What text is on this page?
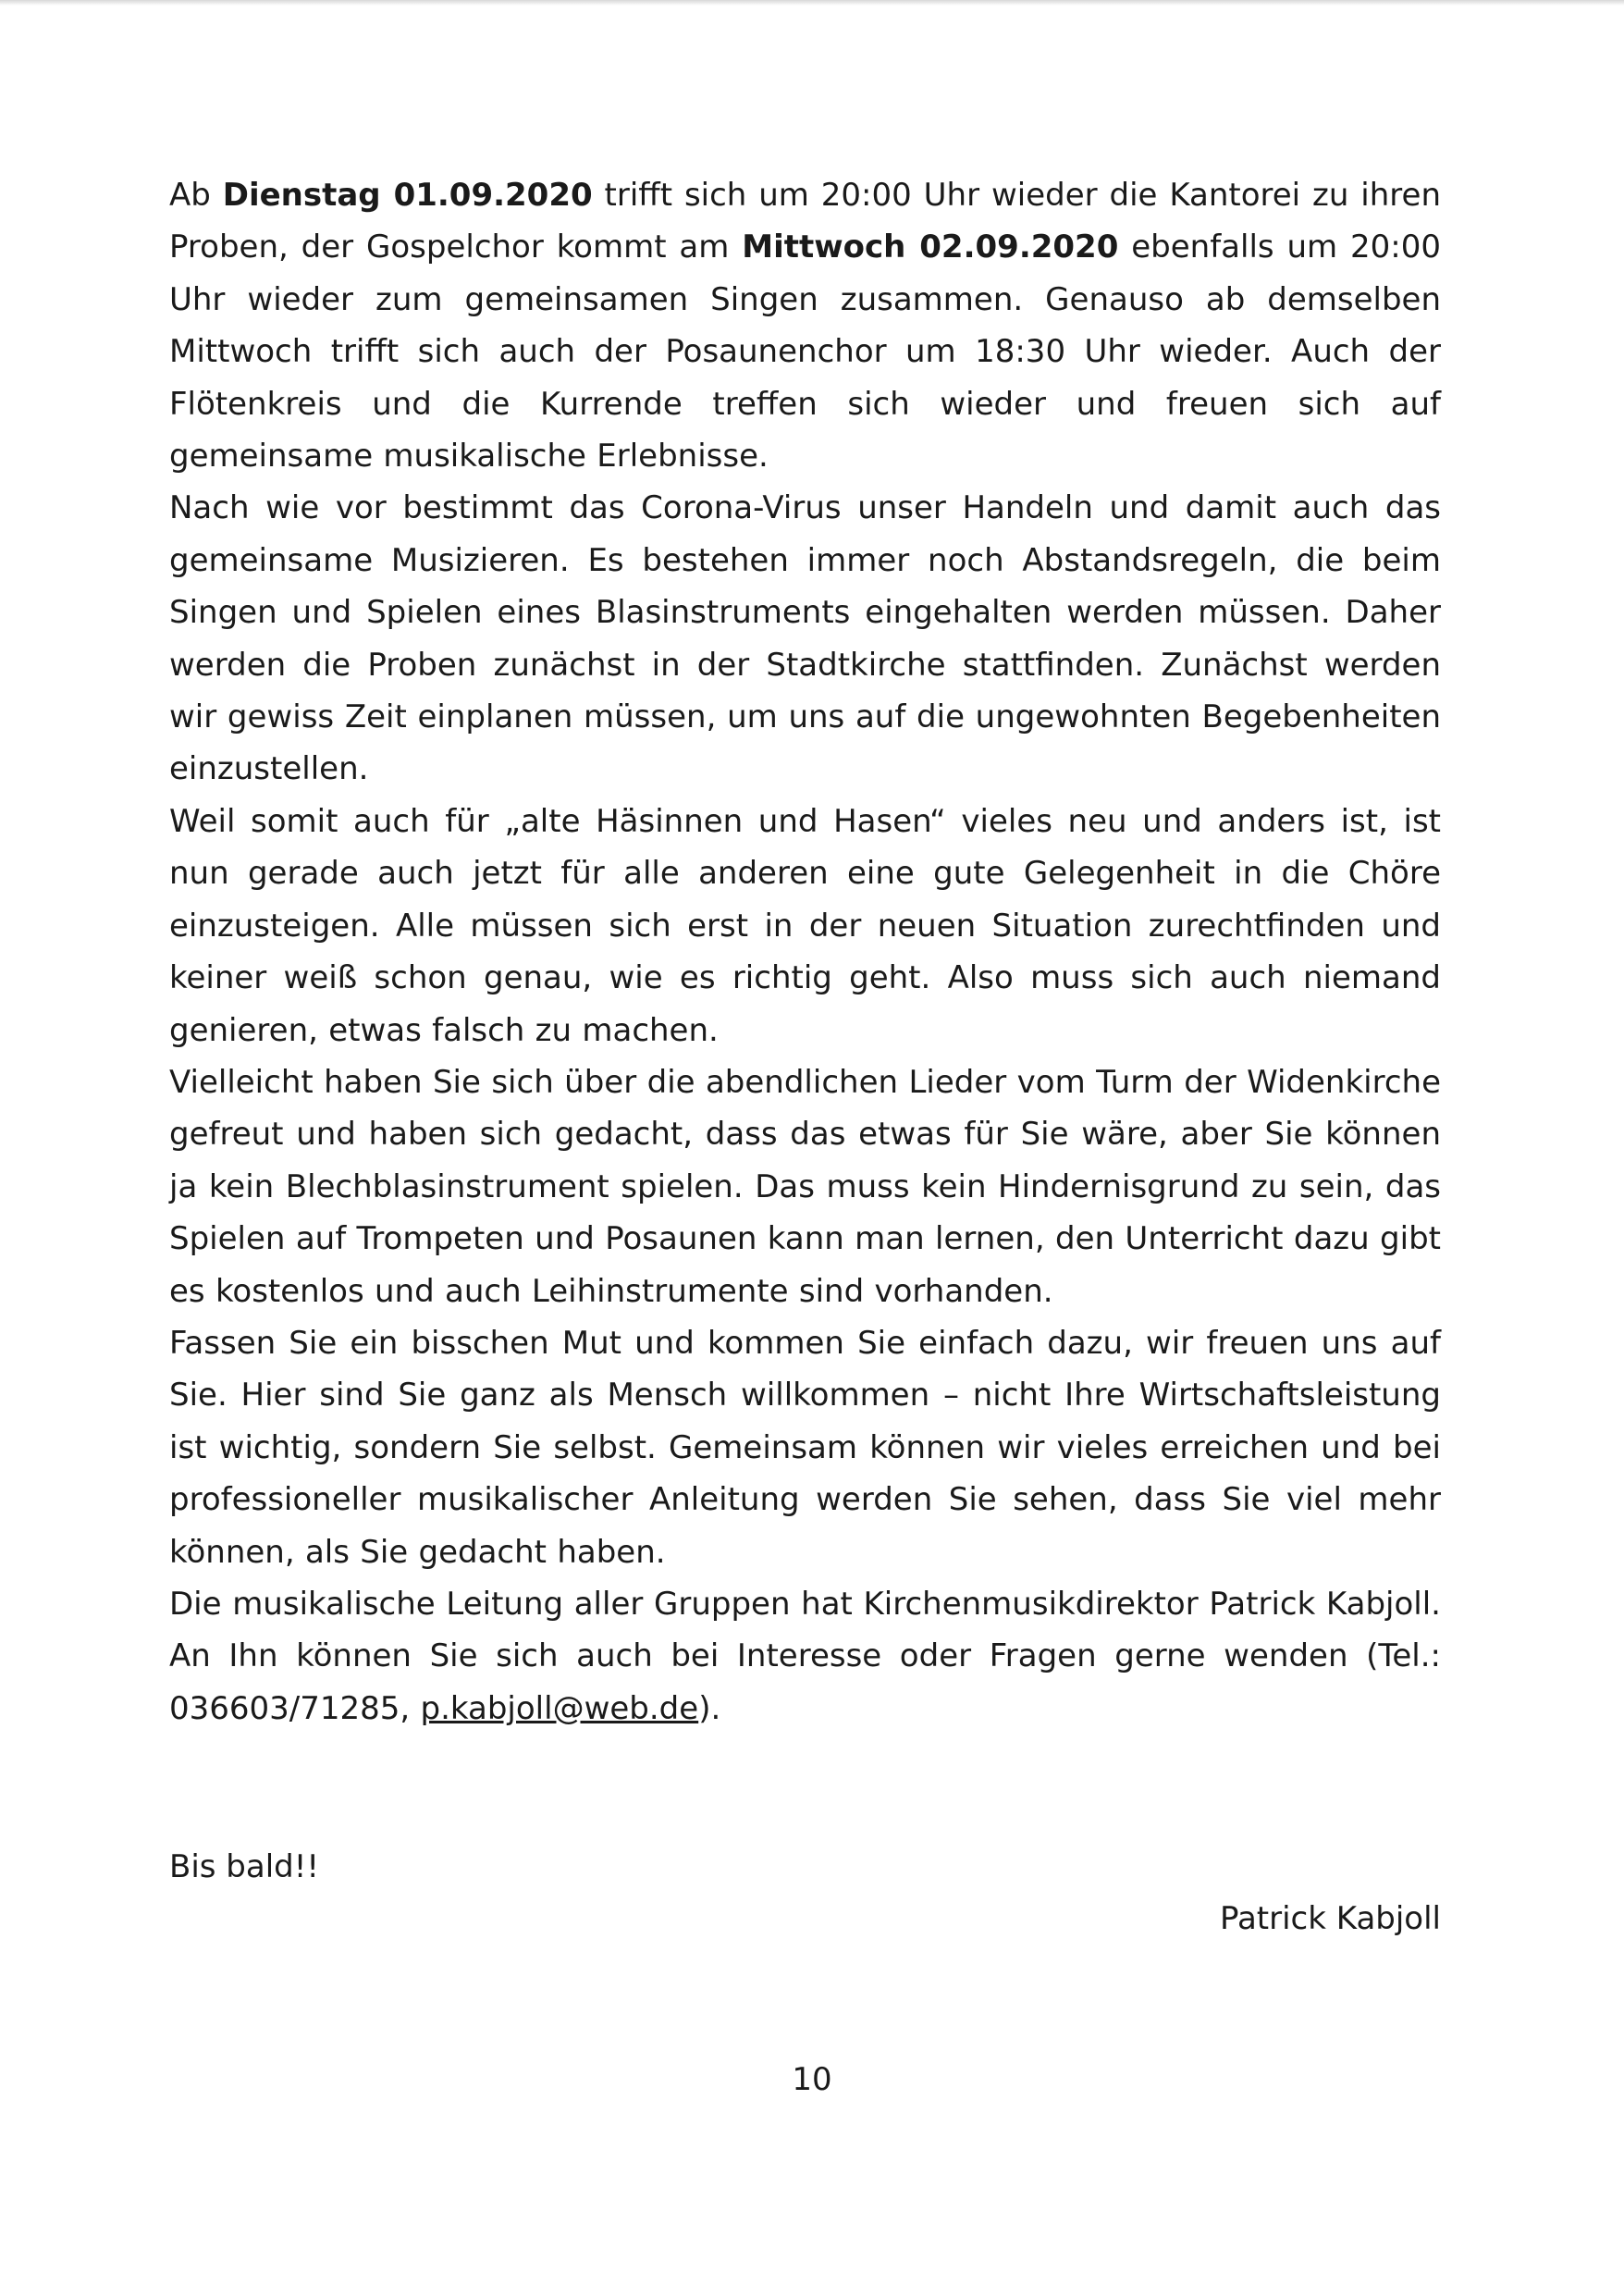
Ab Dienstag 01.09.2020 trifft sich um 20:00 Uhr wieder die Kantorei zu ihren Proben, der Gospelchor kommt am Mittwoch 02.09.2020 ebenfalls um 20:00 Uhr wieder zum gemeinsamen Singen zusammen. Genauso ab demselben Mittwoch trifft sich auch der Posaunenchor um 18:30 Uhr wieder. Auch der Flötenkreis und die Kurrende treffen sich wieder und freuen sich auf gemeinsame musikalische Erlebnisse.

Nach wie vor bestimmt das Corona-Virus unser Handeln und damit auch das gemeinsame Musizieren. Es bestehen immer noch Abstandsregeln, die beim Singen und Spielen eines Blasinstruments eingehalten werden müssen. Daher werden die Proben zunächst in der Stadtkirche stattfinden. Zunächst werden wir gewiss Zeit einplanen müssen, um uns auf die ungewohnten Begebenheiten einzustellen.

Weil somit auch für „alte Häsinnen und Hasen“ vieles neu und anders ist, ist nun gerade auch jetzt für alle anderen eine gute Gelegenheit in die Chöre einzusteigen. Alle müssen sich erst in der neuen Situation zurechtfinden und keiner weiß schon genau, wie es richtig geht. Also muss sich auch niemand genieren, etwas falsch zu machen.

Vielleicht haben Sie sich über die abendlichen Lieder vom Turm der Widenkirche gefreut und haben sich gedacht, dass das etwas für Sie wäre, aber Sie können ja kein Blechblasinstrument spielen. Das muss kein Hindernisgrund zu sein, das Spielen auf Trompeten und Posaunen kann man lernen, den Unterricht dazu gibt es kostenlos und auch Leihinstrumente sind vorhanden.

Fassen Sie ein bisschen Mut und kommen Sie einfach dazu, wir freuen uns auf Sie. Hier sind Sie ganz als Mensch willkommen – nicht Ihre Wirtschaftsleistung ist wichtig, sondern Sie selbst. Gemeinsam können wir vieles erreichen und bei professioneller musikalischer Anleitung werden Sie sehen, dass Sie viel mehr können, als Sie gedacht haben.

Die musikalische Leitung aller Gruppen hat Kirchenmusikdirektor Patrick Kabjoll. An Ihn können Sie sich auch bei Interesse oder Fragen gerne wenden (Tel.: 036603/71285, p.kabjoll@web.de).

Bis bald!!

Patrick Kabjoll

10
